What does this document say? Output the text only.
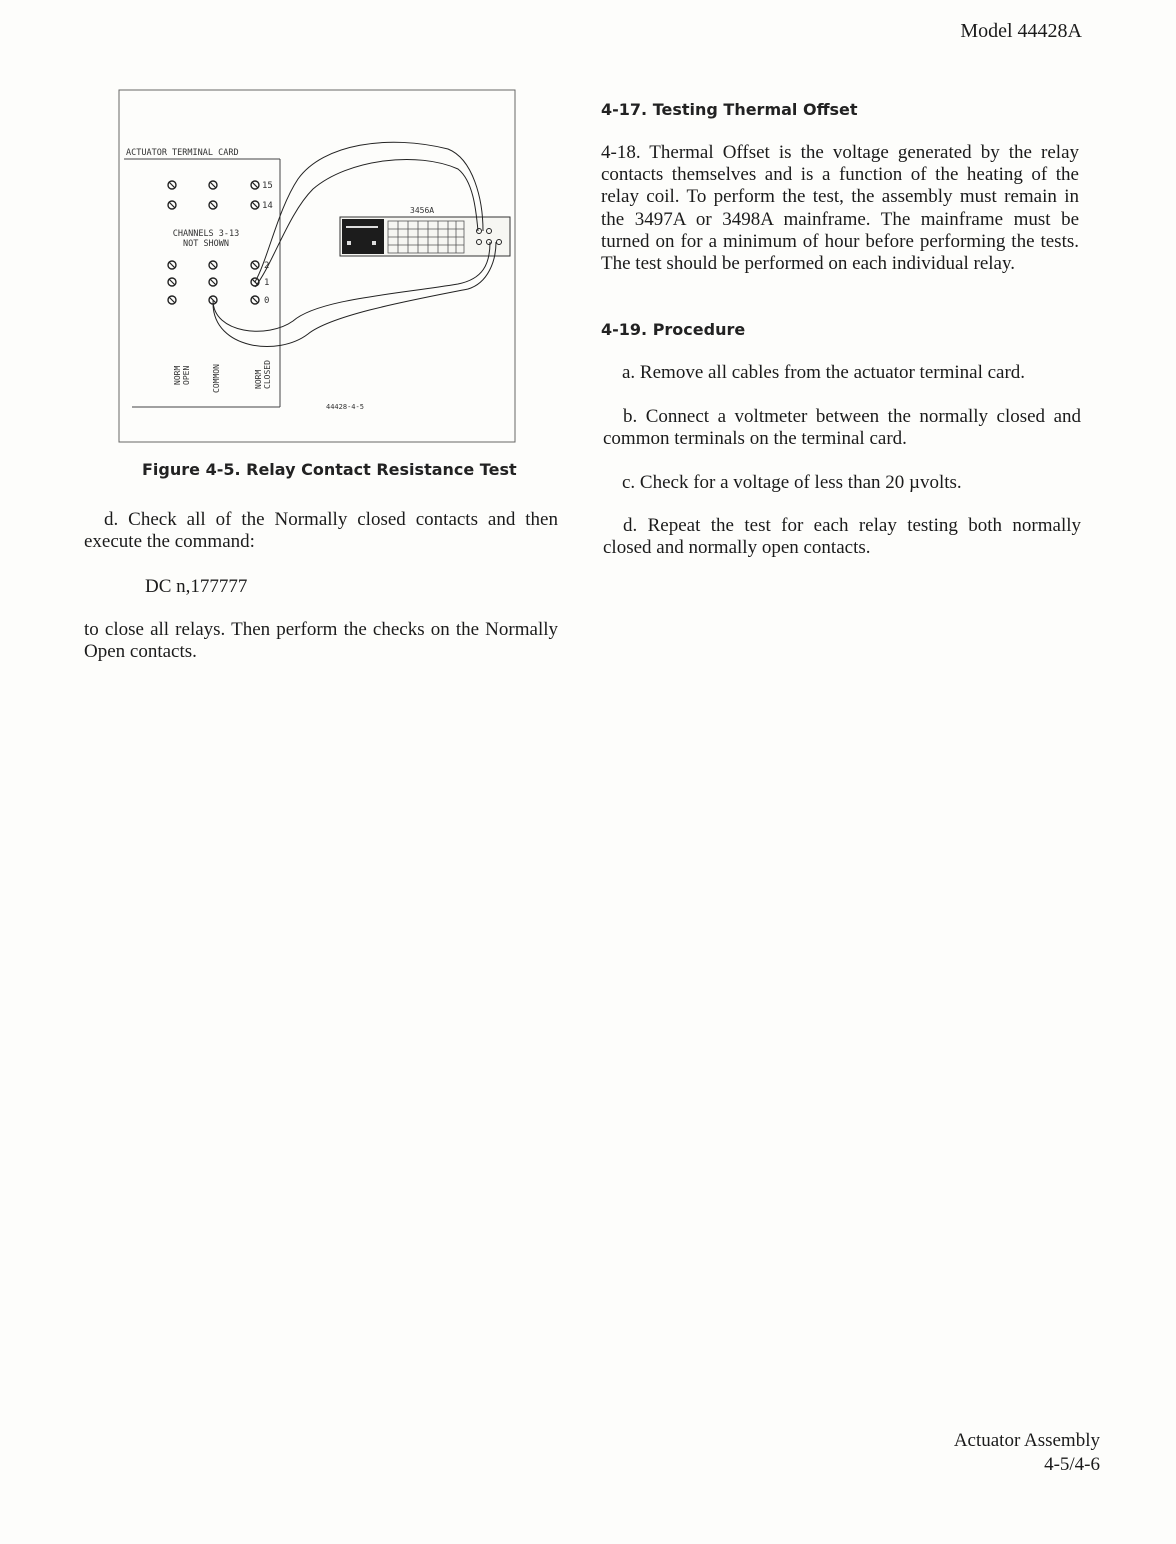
Model 44428A
ACTUATOR TERMINAL CARD
15
14
2
1
0
CHANNELS 3-13
NOT SHOWN
NORM OPEN	COMMON	NORM CLOSED
3456A
44428-4-5
Figure 4-5. Relay Contact Resistance Test
d. Check all of the Normally closed contacts and then execute the command:
DC n,177777
to close all relays. Then perform the checks on the Normally Open contacts.
4-17. Testing Thermal Offset
4-18. Thermal Offset is the voltage generated by the relay contacts themselves and is a function of the heating of the relay coil. To perform the test, the assembly must remain in the 3497A or 3498A mainframe. The mainframe must be turned on for a minimum of hour before performing the tests. The test should be performed on each individual relay.
4-19. Procedure
a. Remove all cables from the actuator terminal card.
b. Connect a voltmeter between the normally closed and common terminals on the terminal card.
c. Check for a voltage of less than 20 µvolts.
d. Repeat the test for each relay testing both normally closed and normally open contacts.
Actuator Assembly
4-5/4-6
